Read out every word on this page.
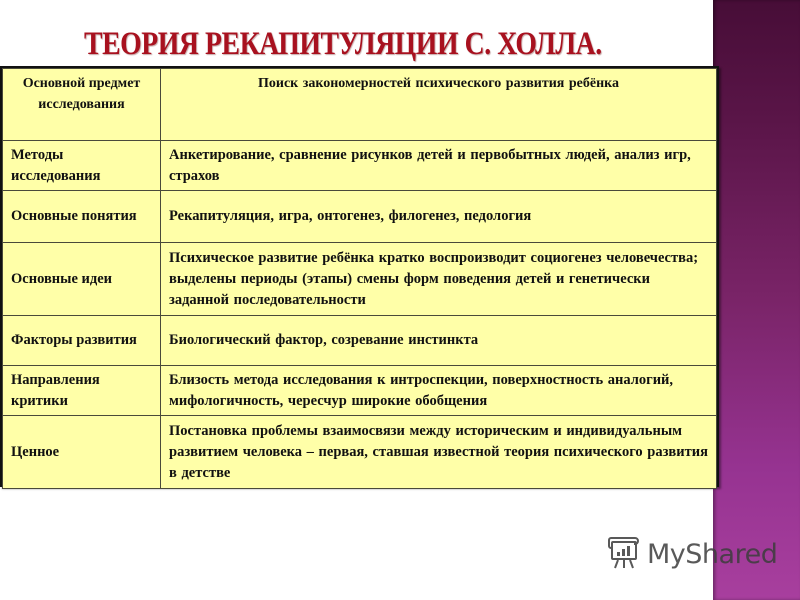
ТЕОРИЯ РЕКАПИТУЛЯЦИИ С. ХОЛЛА.
Основной предмет исследования	Поиск закономерностей психического развития ребёнка
Методы исследования	Анкетирование, сравнение рисунков детей и первобытных людей, анализ игр, страхов
Основные понятия	Рекапитуляция, игра, онтогенез, филогенез, педология
Основные идеи	Психическое развитие ребёнка кратко воспроизводит социогенез человечества; выделены периоды (этапы) смены форм поведения детей и генетически заданной последовательности
Факторы развития	Биологический фактор, созревание инстинкта
Направления критики	Близость метода исследования к интроспекции, поверхностность аналогий, мифологичность, чересчур широкие обобщения
Ценное	Постановка проблемы взаимосвязи между историческим и индивидуальным развитием человека – первая, ставшая известной теория психического развития в детстве
MyShared
